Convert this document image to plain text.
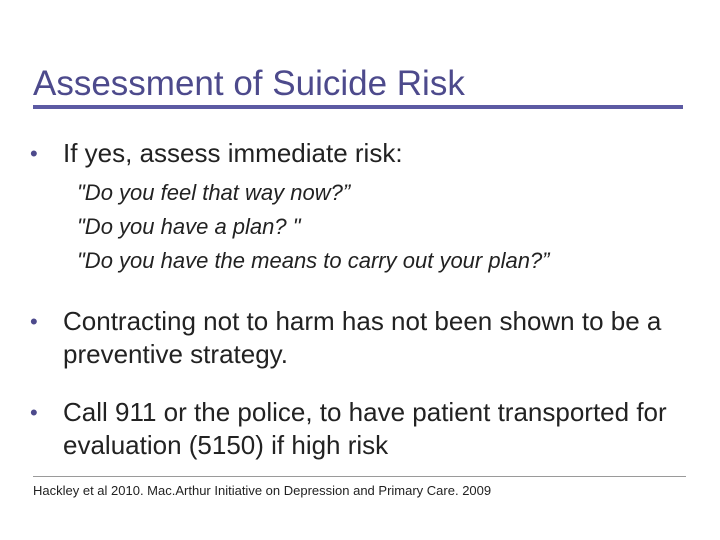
Assessment of Suicide Risk
• If yes, assess immediate risk:
"Do you feel that way now?”
"Do you have a plan? "
"Do you have the means to carry out your plan?”
• Contracting not to harm has not been shown to be a preventive strategy.
• Call 911 or the police, to have patient transported for evaluation (5150) if high risk
Hackley et al 2010. Mac.Arthur Initiative on Depression and Primary Care. 2009
